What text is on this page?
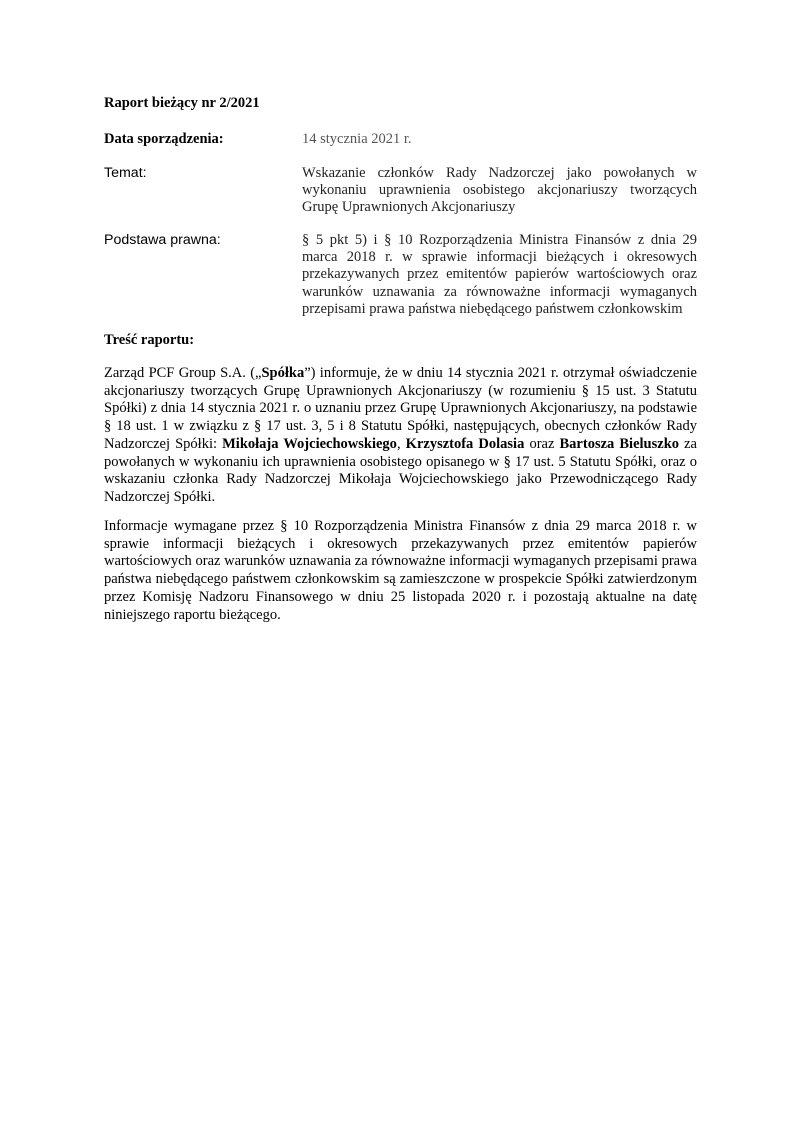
Raport bieżący nr 2/2021
Data sporządzenia:	14 stycznia 2021 r.
Temat:	Wskazanie członków Rady Nadzorczej jako powołanych w wykonaniu uprawnienia osobistego akcjonariuszy tworzących Grupę Uprawnionych Akcjonariuszy
Podstawa prawna:	§ 5 pkt 5) i § 10 Rozporządzenia Ministra Finansów z dnia 29 marca 2018 r. w sprawie informacji bieżących i okresowych przekazywanych przez emitentów papierów wartościowych oraz warunków uznawania za równoważne informacji wymaganych przepisami prawa państwa niebędącego państwem członkowskim
Treść raportu:
Zarząd PCF Group S.A. („Spółka”) informuje, że w dniu 14 stycznia 2021 r. otrzymał oświadczenie akcjonariuszy tworzących Grupę Uprawnionych Akcjonariuszy (w rozumieniu § 15 ust. 3 Statutu Spółki) z dnia 14 stycznia 2021 r. o uznaniu przez Grupę Uprawnionych Akcjonariuszy, na podstawie § 18 ust. 1 w związku z § 17 ust. 3, 5 i 8 Statutu Spółki, następujących, obecnych członków Rady Nadzorczej Spółki: Mikołaja Wojciechowskiego, Krzysztofa Dolasia oraz Bartosza Bieluszko za powołanych w wykonaniu ich uprawnienia osobistego opisanego w § 17 ust. 5 Statutu Spółki, oraz o wskazaniu członka Rady Nadzorczej Mikołaja Wojciechowskiego jako Przewodniczącego Rady Nadzorczej Spółki.
Informacje wymagane przez § 10 Rozporządzenia Ministra Finansów z dnia 29 marca 2018 r. w sprawie informacji bieżących i okresowych przekazywanych przez emitentów papierów wartościowych oraz warunków uznawania za równoważne informacji wymaganych przepisami prawa państwa niebędącego państwem członkowskim są zamieszczone w prospekcie Spółki zatwierdzonym przez Komisję Nadzoru Finansowego w dniu 25 listopada 2020 r. i pozostają aktualne na datę niniejszego raportu bieżącego.
